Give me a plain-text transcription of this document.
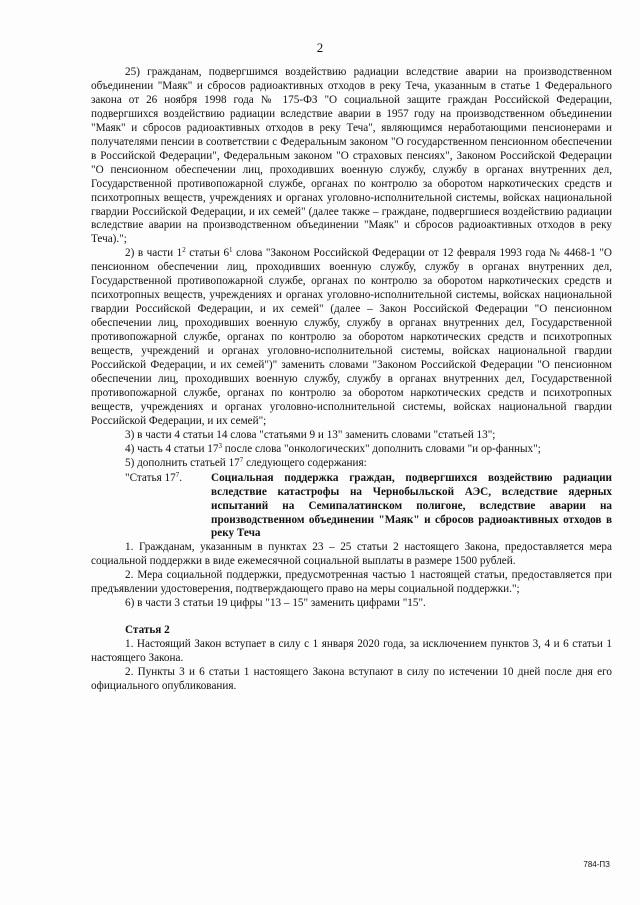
2

25) гражданам, подвергшимся воздействию радиации вследствие аварии на производственном объединении "Маяк" и сбросов радиоактивных отходов в реку Теча, указанным в статье 1 Федерального закона от 26 ноября 1998 года № 175-ФЗ "О социальной защите граждан Российской Федерации, подвергшихся воздействию радиации вследствие аварии в 1957 году на производственном объединении "Маяк" и сбросов радиоактивных отходов в реку Теча", являющимся неработающими пенсионерами и получателями пенсии в соответствии с Федеральным законом "О государственном пенсионном обеспечении в Российской Федерации", Федеральным законом "О страховых пенсиях", Законом Российской Федерации "О пенсионном обеспечении лиц, проходивших военную службу, службу в органах внутренних дел, Государственной противопожарной службе, органах по контролю за оборотом наркотических средств и психотропных веществ, учреждениях и органах уголовно-исполнительной системы, войсках национальной гвардии Российской Федерации, и их семей" (далее также – граждане, подвергшиеся воздействию радиации вследствие аварии на производственном объединении "Маяк" и сбросов радиоактивных отходов в реку Теча).";

2) в части $1^2$ статьи $6^1$ слова "Законом Российской Федерации от 12 февраля 1993 года № 4468-1 "О пенсионном обеспечении лиц, проходивших военную службу, службу в органах внутренних дел, Государственной противопожарной службе, органах по контролю за оборотом наркотических средств и психотропных веществ, учреждениях и органах уголовно-исполнительной системы, войсках национальной гвардии Российской Федерации, и их семей" (далее – Закон Российской Федерации "О пенсионном обеспечении лиц, проходивших военную службу, службу в органах внутренних дел, Государственной противопожарной службе, органах по контролю за оборотом наркотических средств и психотропных веществ, учреждений и органах уголовно-исполнительной системы, войсках национальной гвардии Российской Федерации, и их семей")" заменить словами "Законом Российской Федерации "О пенсионном обеспечении лиц, проходивших военную службу, службу в органах внутренних дел, Государственной противопожарной службе, органах по контролю за оборотом наркотических средств и психотропных веществ, учреждениях и органах уголовно-исполнительной системы, войсках национальной гвардии Российской Федерации, и их семей";

3) в части 4 статьи 14 слова "статьями 9 и 13" заменить словами "статьей 13";

4) часть 4 статьи $17^3$ после слова "онкологических" дополнить словами "и ор-фанных";

5) дополнить статьей $17^7$ следующего содержания:

"Статья $17^7$.	Социальная поддержка граждан, подвергшихся воздействию радиации вследствие катастрофы на Чернобыльской АЭС, вследствие ядерных испытаний на Семипалатинском полигоне, вследствие аварии на производственном объединении "Маяк" и сбросов радиоактивных отходов в реку Теча

1. Гражданам, указанным в пунктах 23 – 25 статьи 2 настоящего Закона, предоставляется мера социальной поддержки в виде ежемесячной социальной выплаты в размере 1500 рублей.

2. Мера социальной поддержки, предусмотренная частью 1 настоящей статьи, предоставляется при предъявлении удостоверения, подтверждающего право на меры социальной поддержки.";

6) в части 3 статьи 19 цифры "13 – 15" заменить цифрами "15".

Статья 2

1. Настоящий Закон вступает в силу с 1 января 2020 года, за исключением пунктов 3, 4 и 6 статьи 1 настоящего Закона.

2. Пункты 3 и 6 статьи 1 настоящего Закона вступают в силу по истечении 10 дней после дня его официального опубликования.

784-ПЗ
